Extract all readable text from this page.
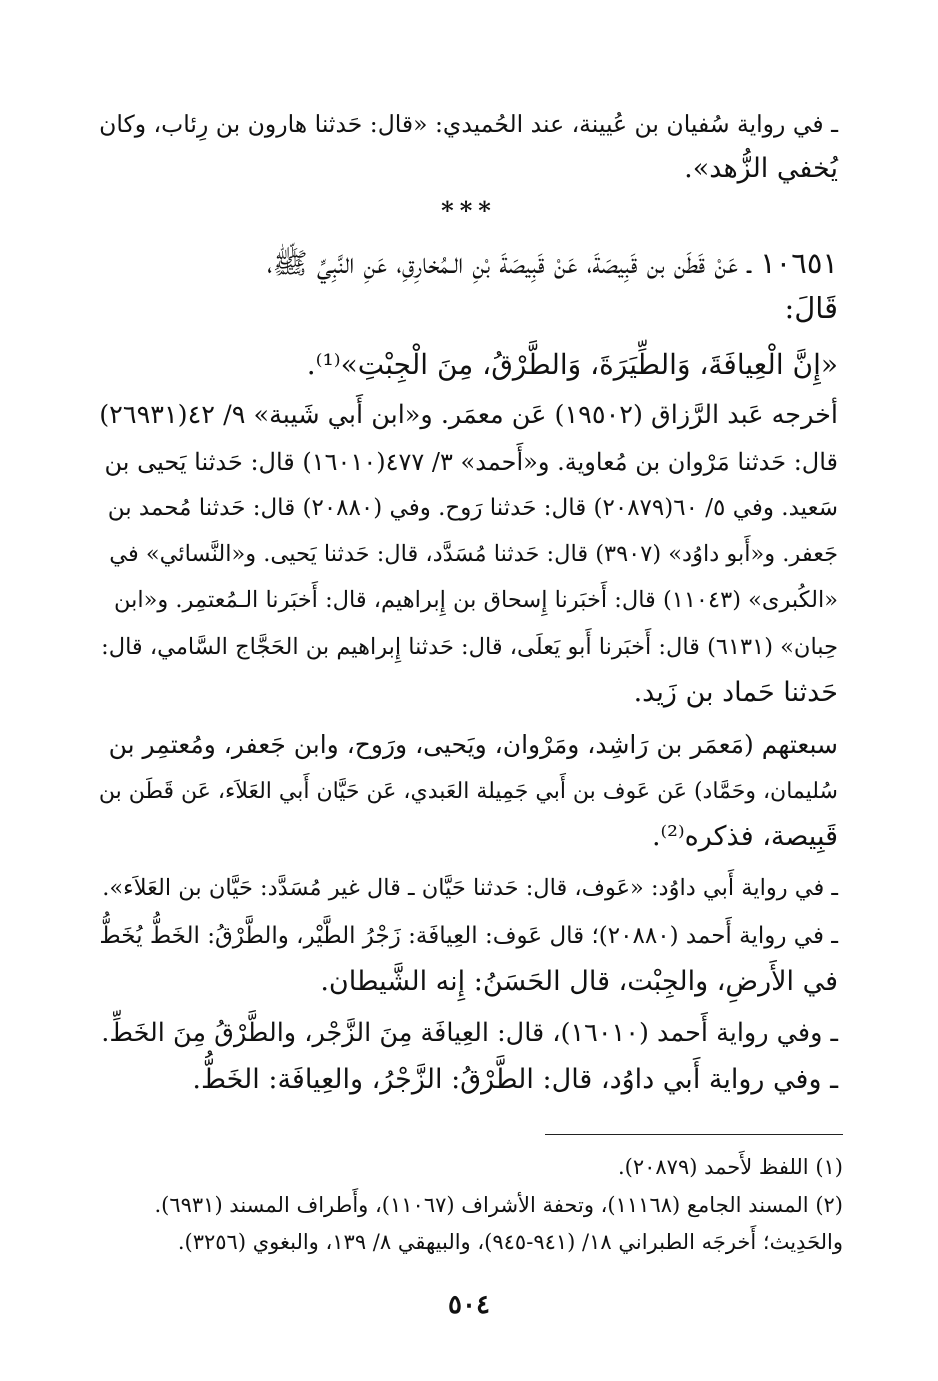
ـ في رواية سُفيان بن عُيينة، عند الحُميدي: «قال: حَدثنا هارون بن رِئاب، وكان
يُخفي الزُّهد».
***
١٠٦٥١ ـ عَنْ قَطَن بن قَبِيصَةَ، عَنْ قَبِيصَةَ بْنِ الـمُخارِقِ، عَنِ النَّبِيِّ ﷺ،
قَالَ:
«إِنَّ الْعِيافَةَ، وَالطِّيَرَةَ، وَالطَّرْقُ، مِنَ الْجِبْتِ»⁽¹⁾.
أخرجه عَبد الرَّزاق (١٩٥٠٢) عَن معمَر. و«ابن أَبي شَيبة» ٩/ ٤٢(٢٦٩٣١)
قال: حَدثنا مَرْوان بن مُعاوية. و«أَحمد» ٣/ ٤٧٧(١٦٠١٠) قال: حَدثنا يَحيى بن
سَعيد. وفي ٥/ ٦٠(٢٠٨٧٩) قال: حَدثنا رَوح. وفي (٢٠٨٨٠) قال: حَدثنا مُحمد بن
جَعفر. و«أَبو داوُد» (٣٩٠٧) قال: حَدثنا مُسَدَّد، قال: حَدثنا يَحيى. و«النَّسائي» في
«الكُبرى» (١١٠٤٣) قال: أَخبَرنا إِسحاق بن إِبراهيم، قال: أَخبَرنا الـمُعتمِر. و«ابن
حِبان» (٦١٣١) قال: أَخبَرنا أَبو يَعلَى، قال: حَدثنا إِبراهيم بن الحَجَّاج السَّامي، قال:
حَدثنا حَماد بن زَيد.
سبعتهم (مَعمَر بن رَاشِد، ومَرْوان، ويَحيى، ورَوح، وابن جَعفر، ومُعتمِر بن
سُليمان، وحَمَّاد) عَن عَوف بن أَبي جَمِيلة العَبدي، عَن حَيَّان أَبي العَلاَء، عَن قَطَن بن
قَبِيصة، فذكره⁽²⁾.
ـ في رواية أَبي داوُد: «عَوف، قال: حَدثنا حَيَّان ـ قال غير مُسَدَّد: حَيَّان بن العَلاَء».
ـ في رواية أَحمد (٢٠٨٨٠)؛ قال عَوف: العِيافَة: زَجْرُ الطَّيْر، والطَّرْقُ: الخَطُّ يُخَطُّ
في الأَرضِ، والجِبْت، قال الحَسَنُ: إِنه الشَّيطان.
ـ وفي رواية أَحمد (١٦٠١٠)، قال: العِيافَة مِنَ الزَّجْر، والطَّرْقُ مِنَ الخَطِّ.
ـ وفي رواية أَبي داوُد، قال: الطَّرْقُ: الزَّجْرُ، والعِيافَة: الخَطُّ.
(١) اللفظ لأَحمد (٢٠٨٧٩).
(٢) المسند الجامع (١١١٦٨)، وتحفة الأشراف (١١٠٦٧)، وأَطراف المسند (٦٩٣١).
والحَدِيث؛ أَخرجَه الطبراني ١٨/ (٩٤١-٩٤٥)، والبيهقي ٨/ ١٣٩، والبغوي (٣٢٥٦).
٥٠٤
